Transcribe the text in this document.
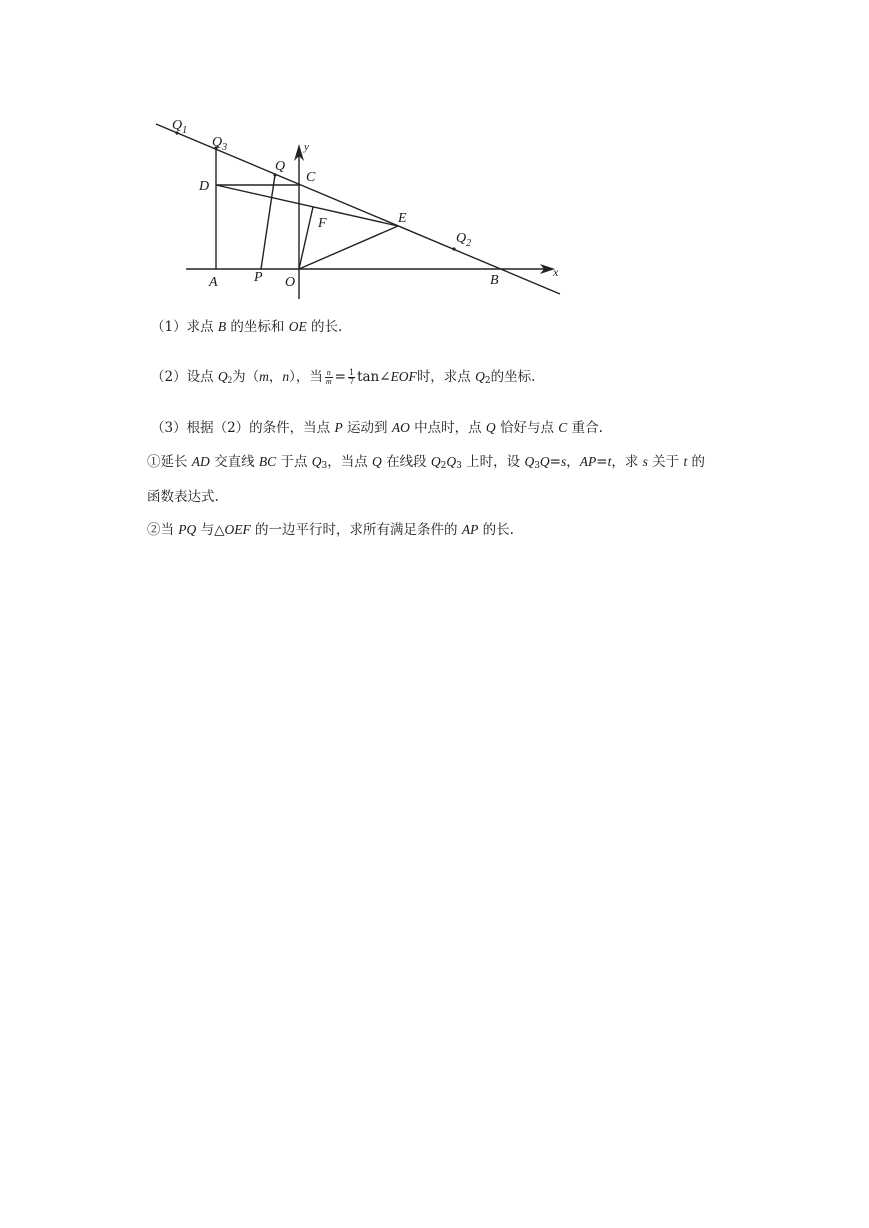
$Q_1$
$Q_3$
Q
C
D
E
F
$Q_2$
A	P O	B
x
y
（1）求点 B 的坐标和 OE 的长.
（2）设点 Q2为（m，n），当 $\frac{n}{m} = \frac{1}{7}$ tan∠EOF时，求点 Q2的坐标.
（3）根据（2）的条件，当点 P 运动到 AO 中点时，点 Q 恰好与点 C 重合.
①延长 AD 交直线 BC 于点 Q3，当点 Q 在线段 Q2Q3 上时，设 Q3Q=s，AP=t，求 s 关于 t 的
函数表达式.
②当 PQ 与△OEF 的一边平行时，求所有满足条件的 AP 的长.
